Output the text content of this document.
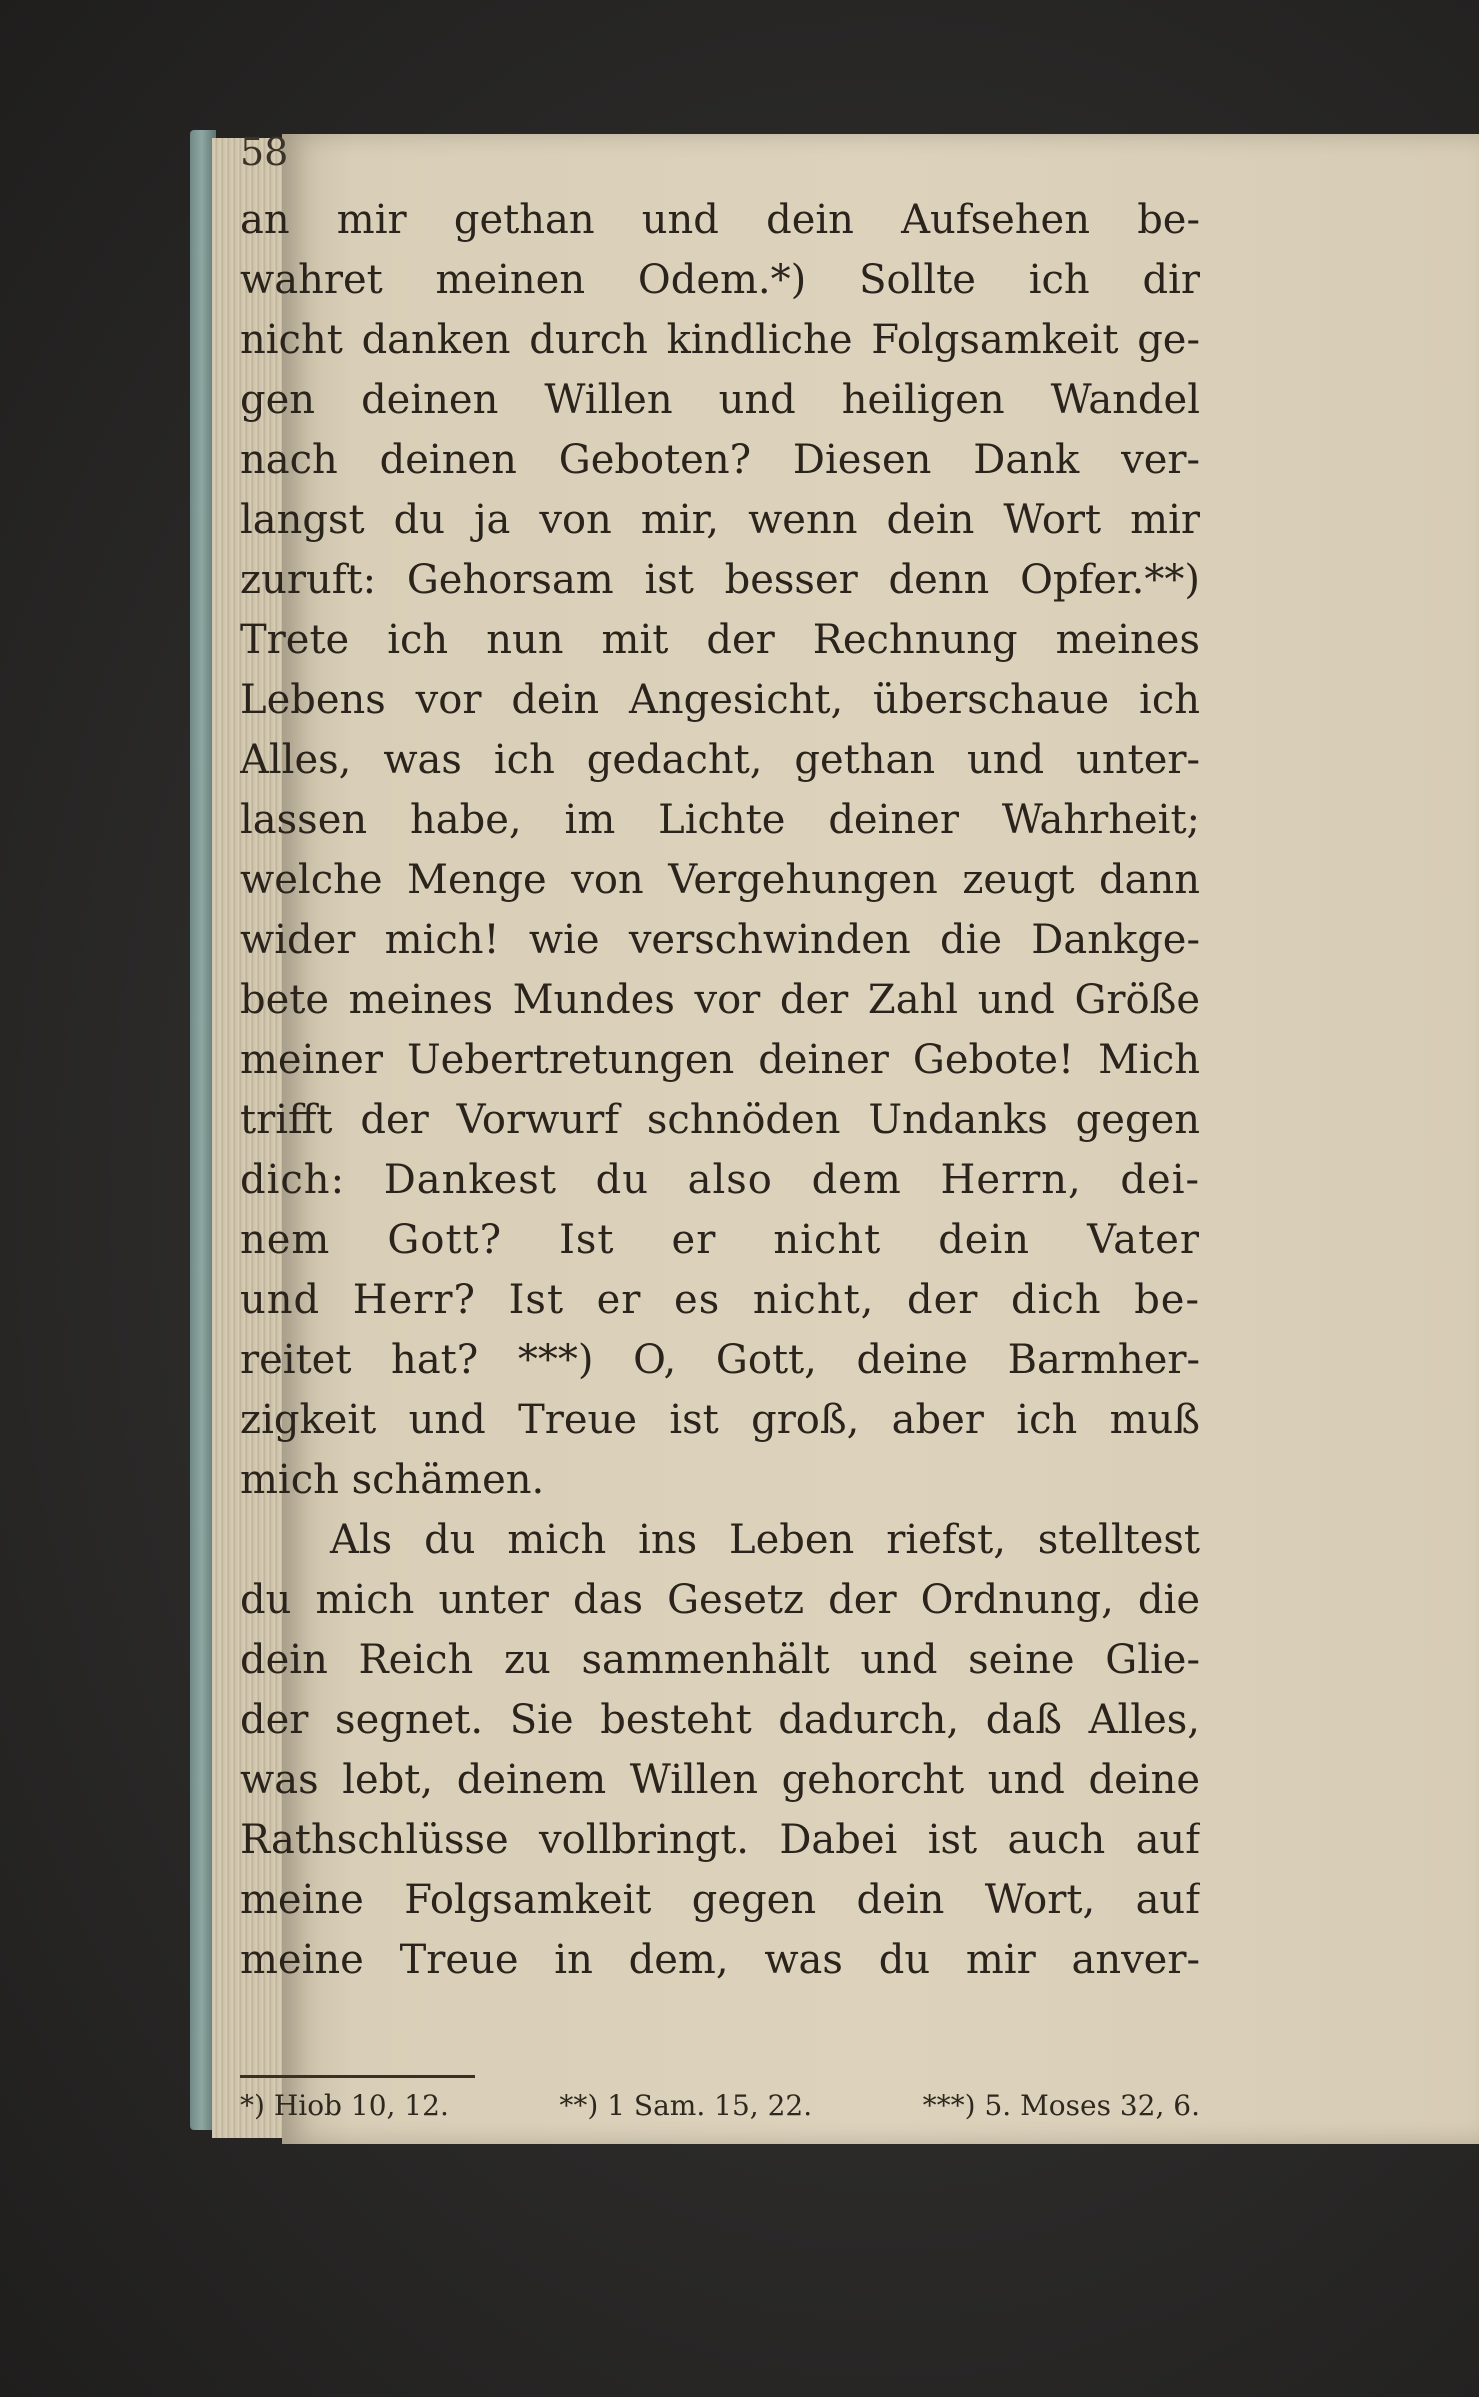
58
an mir gethan und dein Aufsehen be-
wahret meinen Odem.*) Sollte ich dir
nicht danken durch kindliche Folgsamkeit ge-
gen deinen Willen und heiligen Wandel
nach deinen Geboten? Diesen Dank ver-
langst du ja von mir, wenn dein Wort mir
zuruft: Gehorsam ist besser denn Opfer.**)
Trete ich nun mit der Rechnung meines
Lebens vor dein Angesicht, überschaue ich
Alles, was ich gedacht, gethan und unter-
lassen habe, im Lichte deiner Wahrheit;
welche Menge von Vergehungen zeugt dann
wider mich! wie verschwinden die Dankge-
bete meines Mundes vor der Zahl und Größe
meiner Uebertretungen deiner Gebote! Mich
trifft der Vorwurf schnöden Undanks gegen
dich: Dankest du also dem Herrn, dei-
nem Gott? Ist er nicht dein Vater
und Herr? Ist er es nicht, der dich be-
reitet hat? ***) O, Gott, deine Barmher-
zigkeit und Treue ist groß, aber ich muß
mich schämen.
Als du mich ins Leben riefst, stelltest
du mich unter das Gesetz der Ordnung, die
dein Reich zu sammenhält und seine Glie-
der segnet. Sie besteht dadurch, daß Alles,
was lebt, deinem Willen gehorcht und deine
Rathschlüsse vollbringt. Dabei ist auch auf
meine Folgsamkeit gegen dein Wort, auf
meine Treue in dem, was du mir anver-
*) Hiob 10, 12.	**) 1 Sam. 15, 22.	***) 5. Moses 32, 6.
